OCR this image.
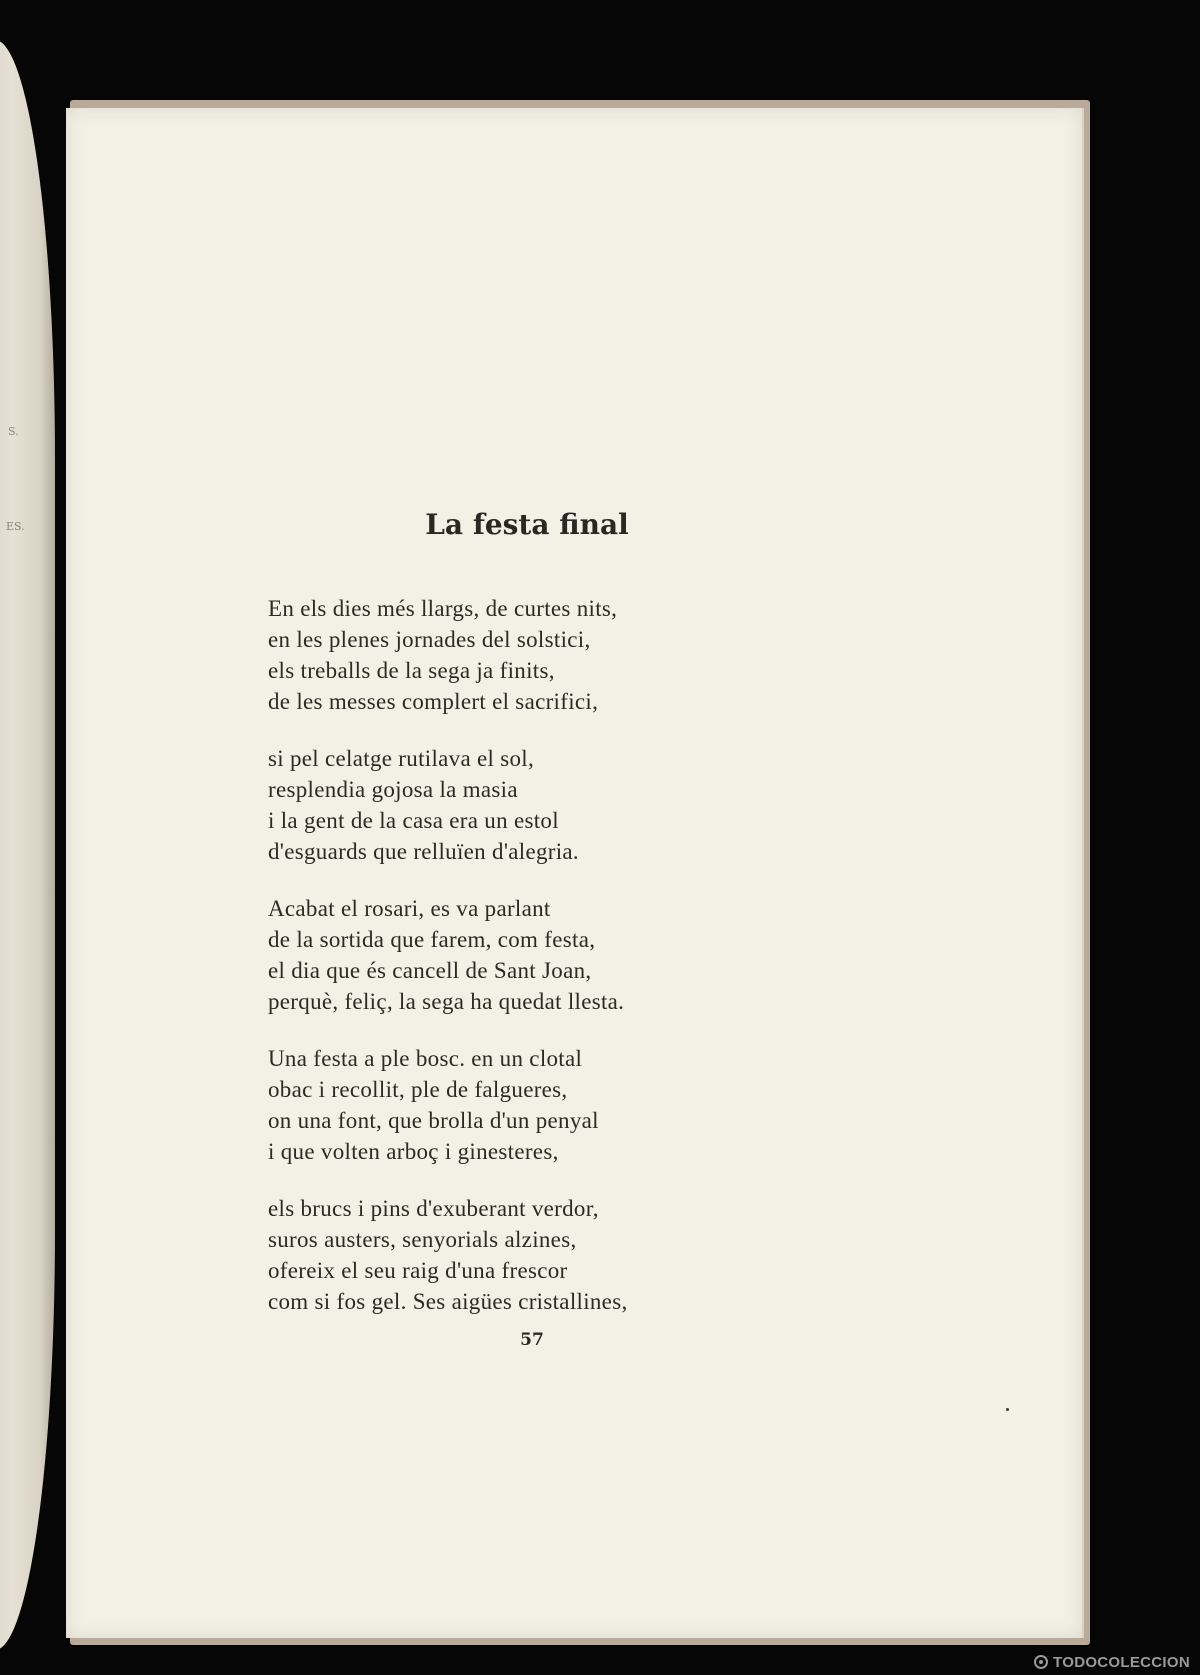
S.
ES.	La festa final
En els dies més llargs, de curtes nits,
en les plenes jornades del solstici,
els treballs de la sega ja finits,
de les messes complert el sacrifici,
si pel celatge rutilava el sol,
resplendia gojosa la masia
i la gent de la casa era un estol
d'esguards que relluïen d'alegria.
Acabat el rosari, es va parlant
de la sortida que farem, com festa,
el dia que és cancell de Sant Joan,
perquè, feliç, la sega ha quedat llesta.
Una festa a ple bosc. en un clotal
obac i recollit, ple de falgueres,
on una font, que brolla d'un penyal
i que volten arboç i ginesteres,
els brucs i pins d'exuberant verdor,
suros austers, senyorials alzines,
ofereix el seu raig d'una frescor
com si fos gel. Ses aigües cristallines,
57
TODOCOLECCION
